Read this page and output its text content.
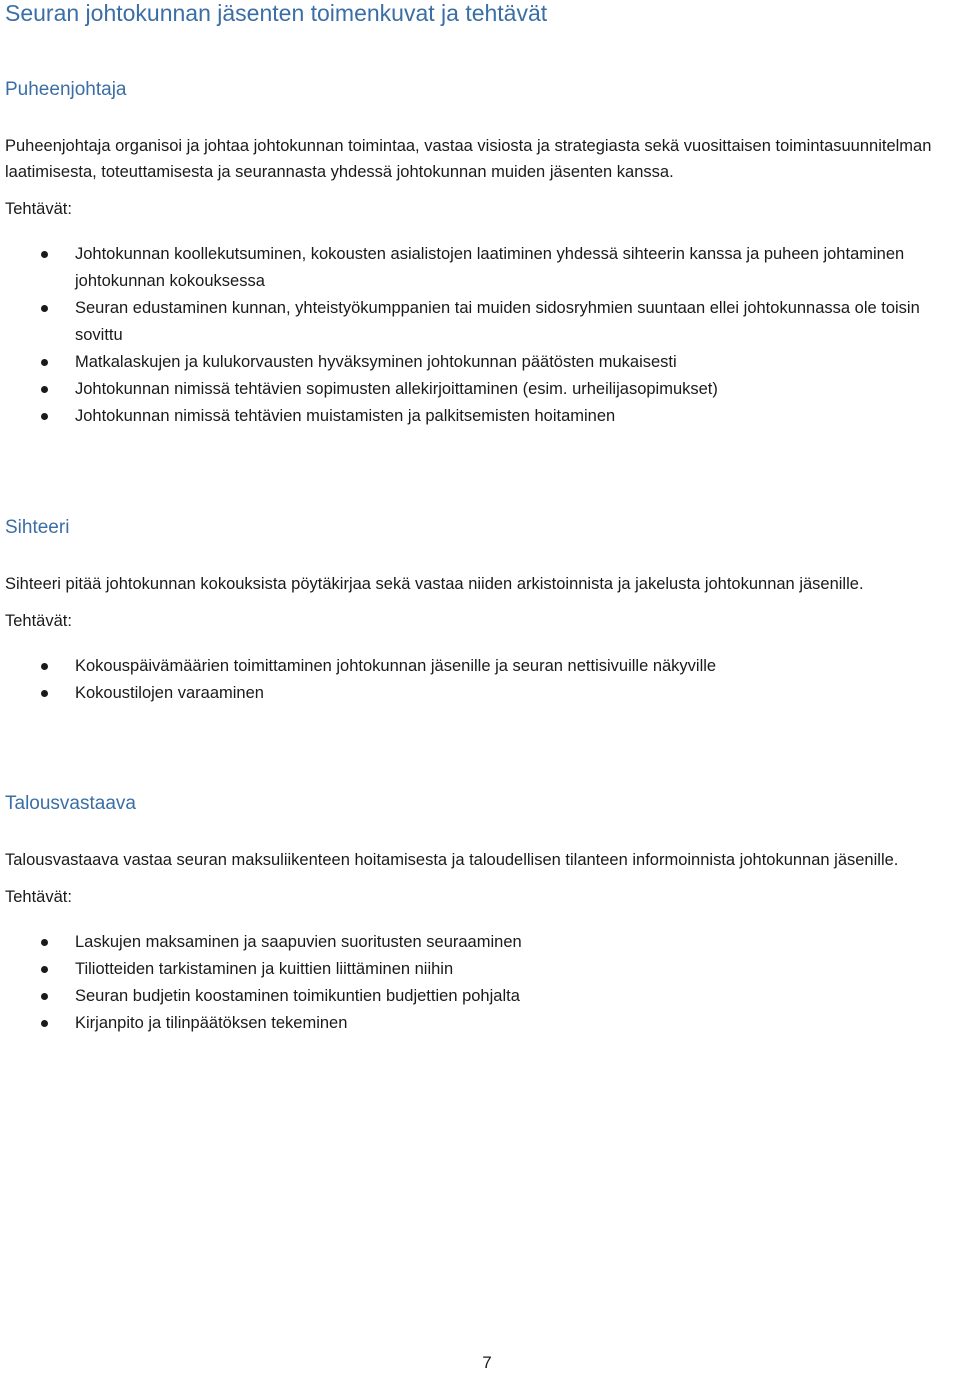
Seuran johtokunnan jäsenten toimenkuvat ja tehtävät
Puheenjohtaja

Puheenjohtaja organisoi ja johtaa johtokunnan toimintaa, vastaa visiosta ja strategiasta sekä vuosittaisen toimintasuunnitelman laatimisesta, toteuttamisesta ja seurannasta yhdessä johtokunnan muiden jäsenten kanssa.

Tehtävät:

Johtokunnan koollekutsuminen, kokousten asialistojen laatiminen yhdessä sihteerin kanssa ja puheen johtaminen johtokunnan kokouksessa
Seuran edustaminen kunnan, yhteistyökumppanien tai muiden sidosryhmien suuntaan ellei johtokunnassa ole toisin sovittu
Matkalaskujen ja kulukorvausten hyväksyminen johtokunnan päätösten mukaisesti
Johtokunnan nimissä tehtävien sopimusten allekirjoittaminen (esim. urheilijasopimukset)
Johtokunnan nimissä tehtävien muistamisten ja palkitsemisten hoitaminen
Sihteeri

Sihteeri pitää johtokunnan kokouksista pöytäkirjaa sekä vastaa niiden arkistoinnista ja jakelusta johtokunnan jäsenille.

Tehtävät:

Kokouspäivämäärien toimittaminen johtokunnan jäsenille ja seuran nettisivuille näkyville
Kokoustilojen varaaminen
Talousvastaava

Talousvastaava vastaa seuran maksuliikenteen hoitamisesta ja taloudellisen tilanteen informoinnista johtokunnan jäsenille.

Tehtävät:

Laskujen maksaminen ja saapuvien suoritusten seuraaminen
Tiliotteiden tarkistaminen ja kuittien liittäminen niihin
Seuran budjetin koostaminen toimikuntien budjettien pohjalta
Kirjanpito ja tilinpäätöksen tekeminen
7
